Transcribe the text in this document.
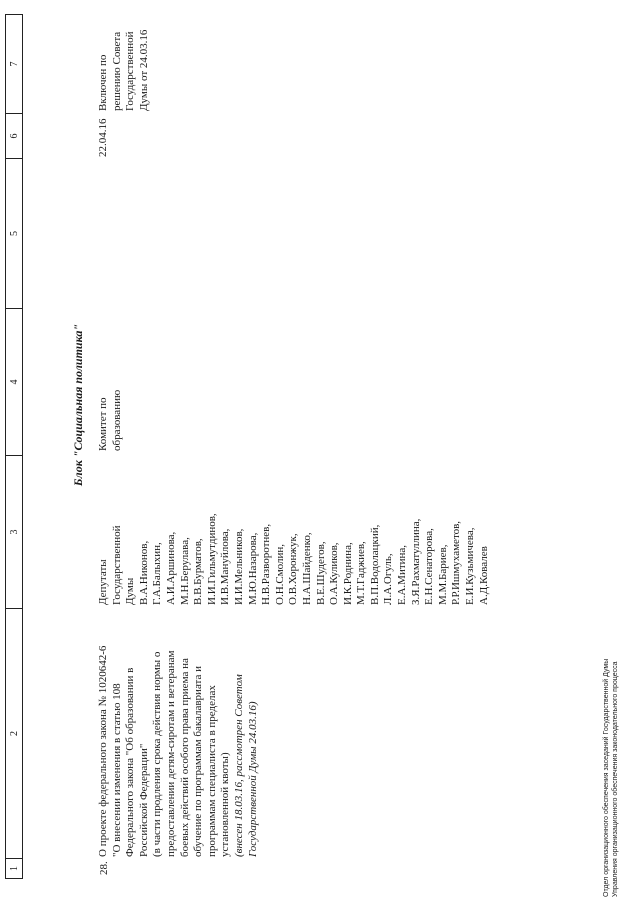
1
2
3
4
5
6
7
Блок "Социальная политика"
28.
О проекте федерального закона № 1020642-6 "О внесении изменения в статью 108 Федерального закона "Об образовании в Российской Федерации" (в части продления срока действия нормы о предоставлении детям-сиротам и ветеранам боевых действий особого права приема на обучение по программам бакалавриата и программам специалиста в пределах установленной квоты) (внесен 18.03.16, рассмотрен Советом Государственной Думы 24.03.16)
Депутаты Государственной Думы В.А.Никонов, Г.А.Балыхин, А.И.Аршинова, М.Н.Берулава, В.В.Бурматов, И.И.Гильмутдинов, И.В.Мануйлова, И.И.Мельников, М.Ю.Назарова, Н.В.Разворотнев, О.Н.Смолин, О.В.Хоронжук, Н.А.Шайденко, В.Е.Шудегов, О.А.Куликов, И.К.Роднина, М.Т.Гаджиев, В.П.Водолацкий, Л.А.Огуль, Е.А.Митина, З.Я.Рахматуллина, Е.Н.Сенаторова, М.М.Бариев, Р.Р.Ишмухаметов, Е.И.Кузьмичева, А.Д.Ковалев
Комитет по образованию
22.04.16
Включен по решению Совета Государственной Думы от 24.03.16
Отдел организационного обеспечения заседаний Государственной Думы Управления организационного обеспечения законодательного процесса
